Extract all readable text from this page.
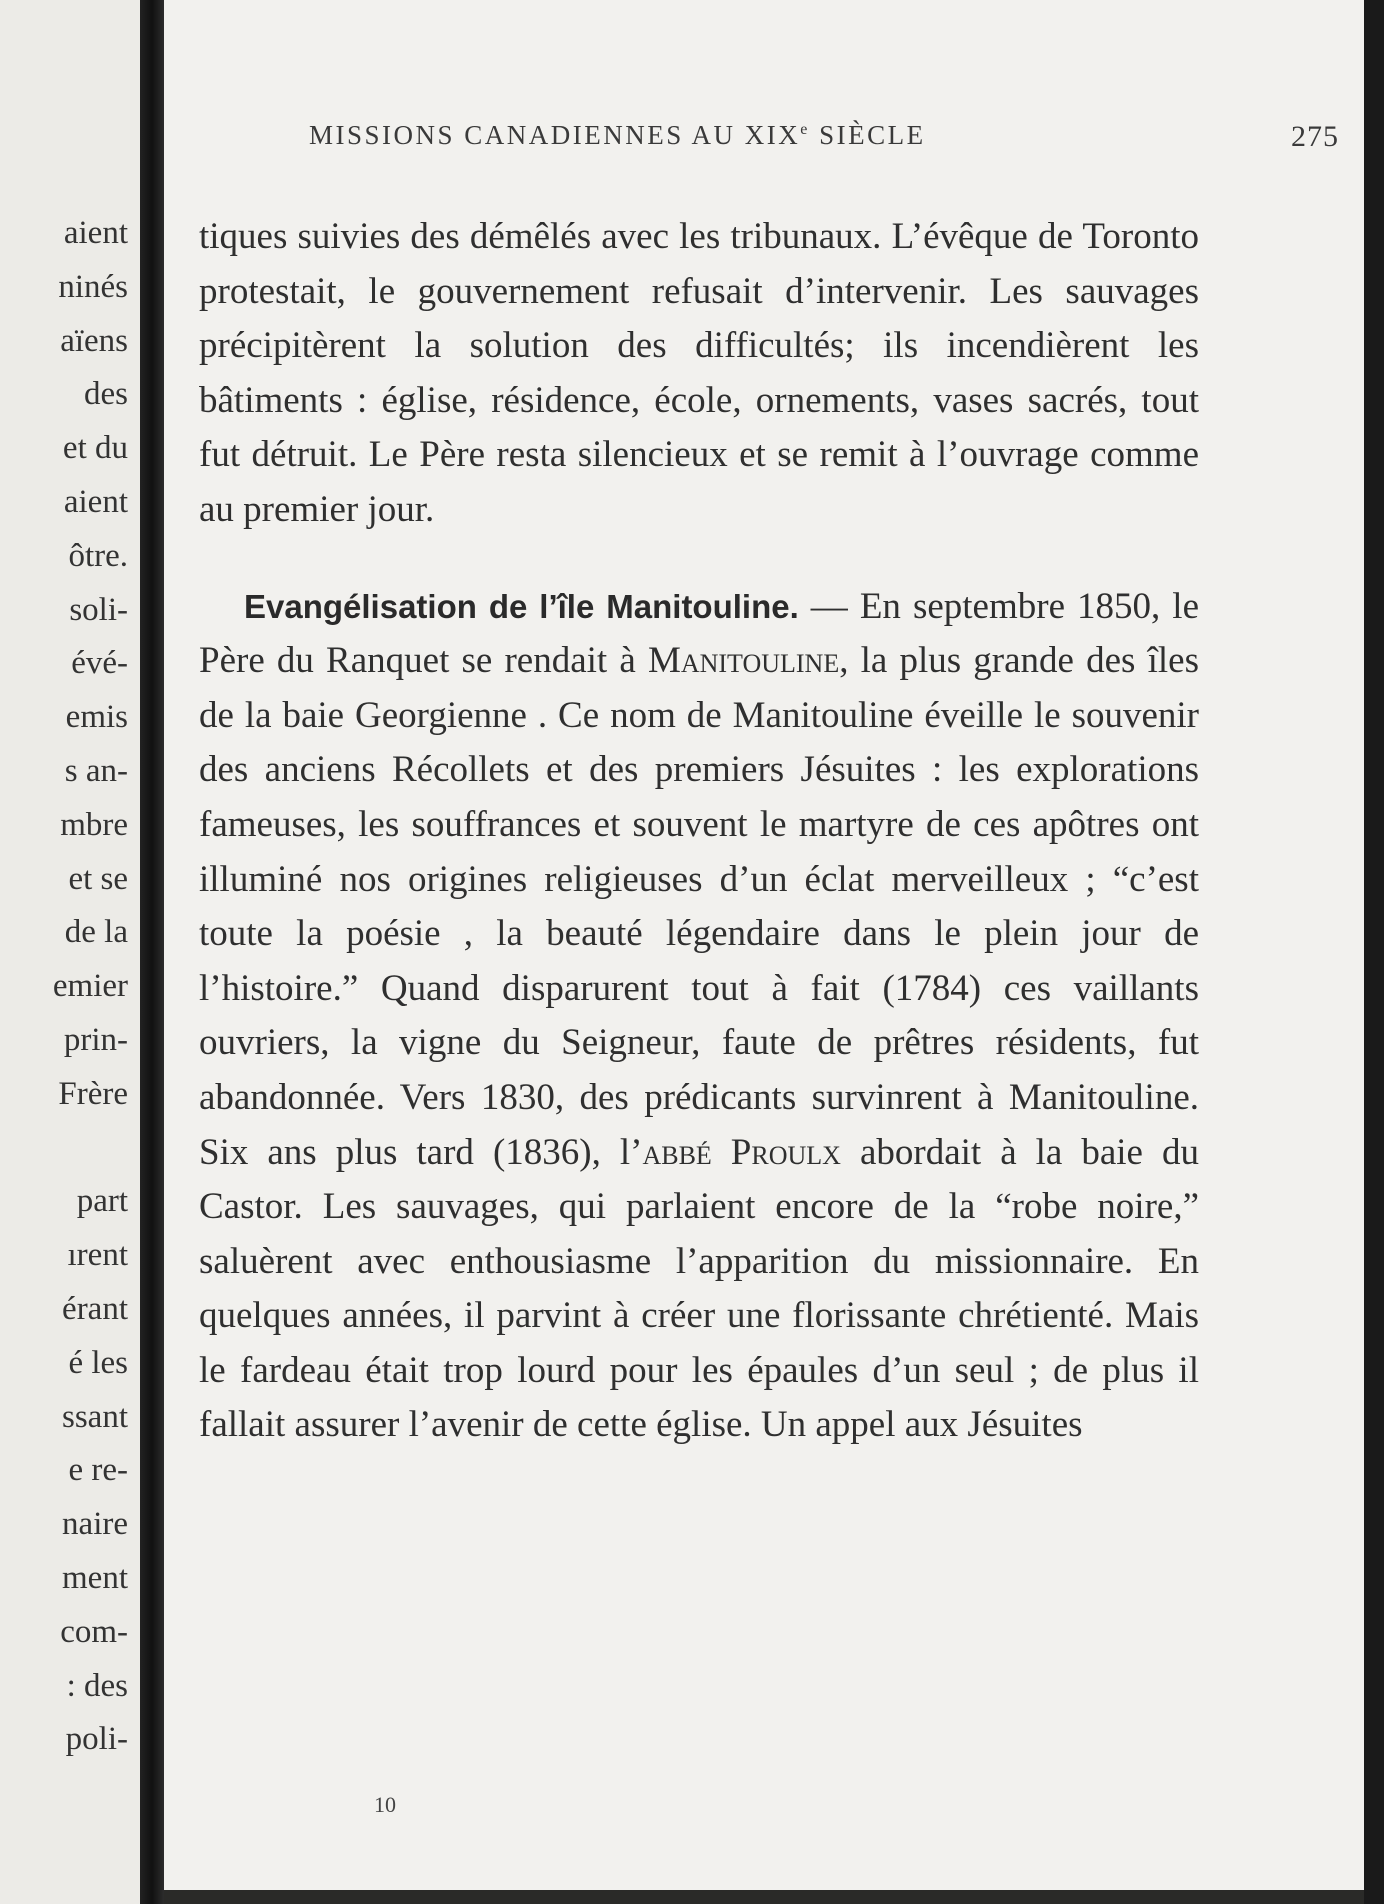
aient
ninés
aïens
des
et du
aient
ôtre.
soli-
évé-
emis
s an-
mbre
et se
de la
emier
prin-
Frère
part
ırent
érant
é les
ssant
e re-
naire
ment
com-
: des
poli-
MISSIONS CANADIENNES AU XIXe SIÈCLE	275

tiques suivies des démêlés avec les tribunaux. L’évêque de Toronto protestait, le gouvernement refusait d’intervenir. Les sauvages précipitèrent la solution des difficultés; ils incendièrent les bâtiments : église, résidence, école, ornements, vases sacrés, tout fut détruit. Le Père resta silencieux et se remit à l’ouvrage comme au premier jour.

Evangélisation de l’île Manitouline. — En septembre 1850, le Père du Ranquet se rendait à Manitouline, la plus grande des îles de la baie Georgienne . Ce nom de Manitouline éveille le souvenir des anciens Récollets et des premiers Jésuites : les explorations fameuses, les souffrances et souvent le martyre de ces apôtres ont illuminé nos origines religieuses d’un éclat merveilleux ; “c’est toute la poésie , la beauté légendaire dans le plein jour de l’histoire.” Quand disparurent tout à fait (1784) ces vaillants ouvriers, la vigne du Seigneur, faute de prêtres résidents, fut abandonnée. Vers 1830, des prédicants survinrent à Manitouline. Six ans plus tard (1836), l’abbé Proulx abordait à la baie du Castor. Les sauvages, qui parlaient encore de la “robe noire,” saluèrent avec enthousiasme l’apparition du missionnaire. En quelques années, il parvint à créer une florissante chrétienté. Mais le fardeau était trop lourd pour les épaules d’un seul ; de plus il fallait assurer l’avenir de cette église. Un appel aux Jésuites

10
